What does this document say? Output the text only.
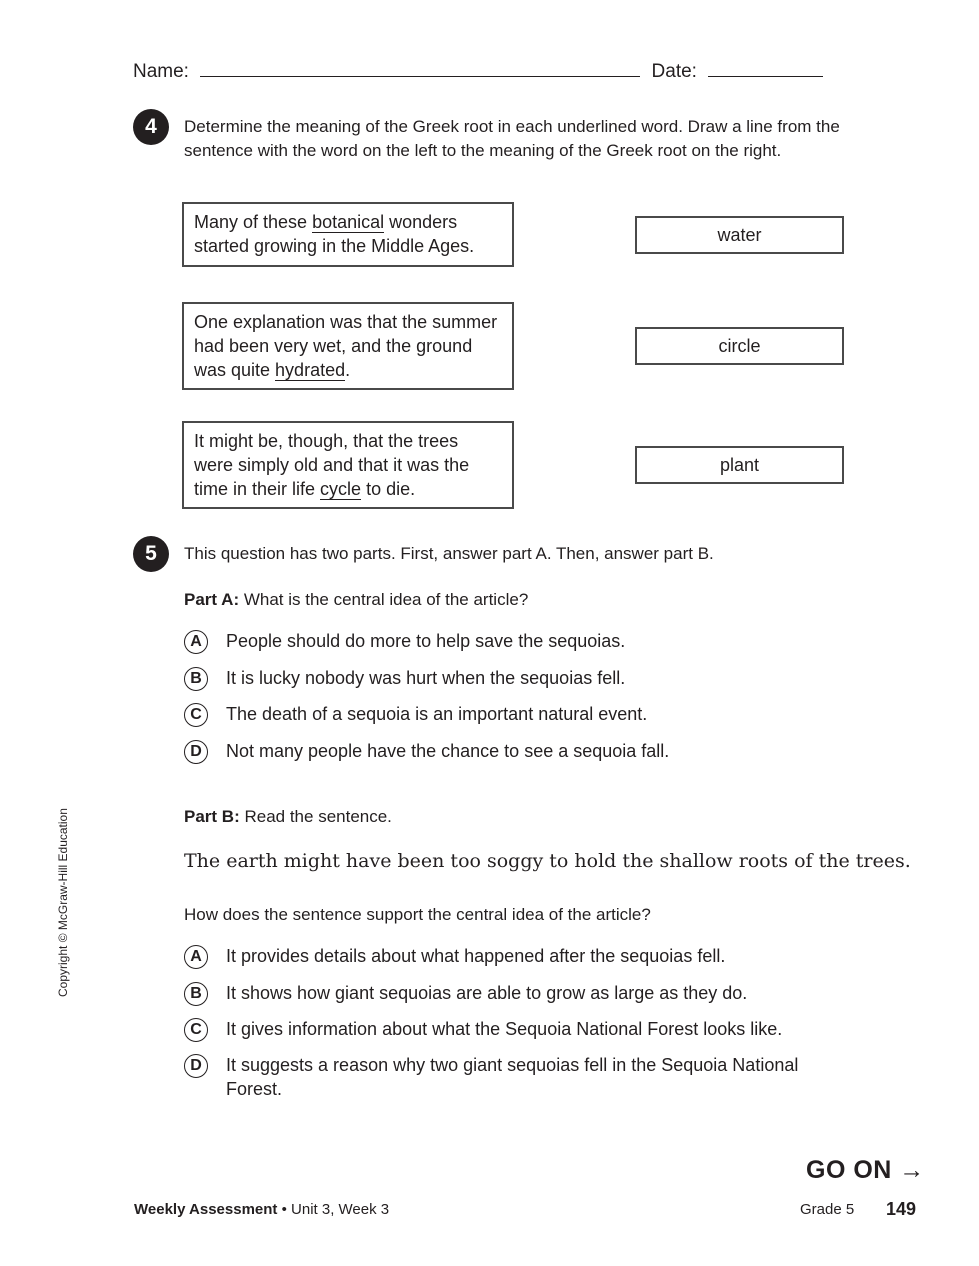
Name:	Date:
4	Determine the meaning of the Greek root in each underlined word. Draw a line from the sentence with the word on the left to the meaning of the Greek root on the right.
Many of these botanical wonders started growing in the Middle Ages.
One explanation was that the summer had been very wet, and the ground was quite hydrated.
It might be, though, that the trees were simply old and that it was the time in their life cycle to die.
water
circle
plant
5	This question has two parts. First, answer part A. Then, answer part B.
Part A: What is the central idea of the article?
A	People should do more to help save the sequoias.
B	It is lucky nobody was hurt when the sequoias fell.
C	The death of a sequoia is an important natural event.
D	Not many people have the chance to see a sequoia fall.
Part B: Read the sentence.
The earth might have been too soggy to hold the shallow roots of the trees.
How does the sentence support the central idea of the article?
A	It provides details about what happened after the sequoias fell.
B	It shows how giant sequoias are able to grow as large as they do.
C	It gives information about what the Sequoia National Forest looks like.
D	It suggests a reason why two giant sequoias fell in the Sequoia National Forest.
Copyright © McGraw-Hill Education
GO ON →
Weekly Assessment • Unit 3, Week 3	Grade 5 149
